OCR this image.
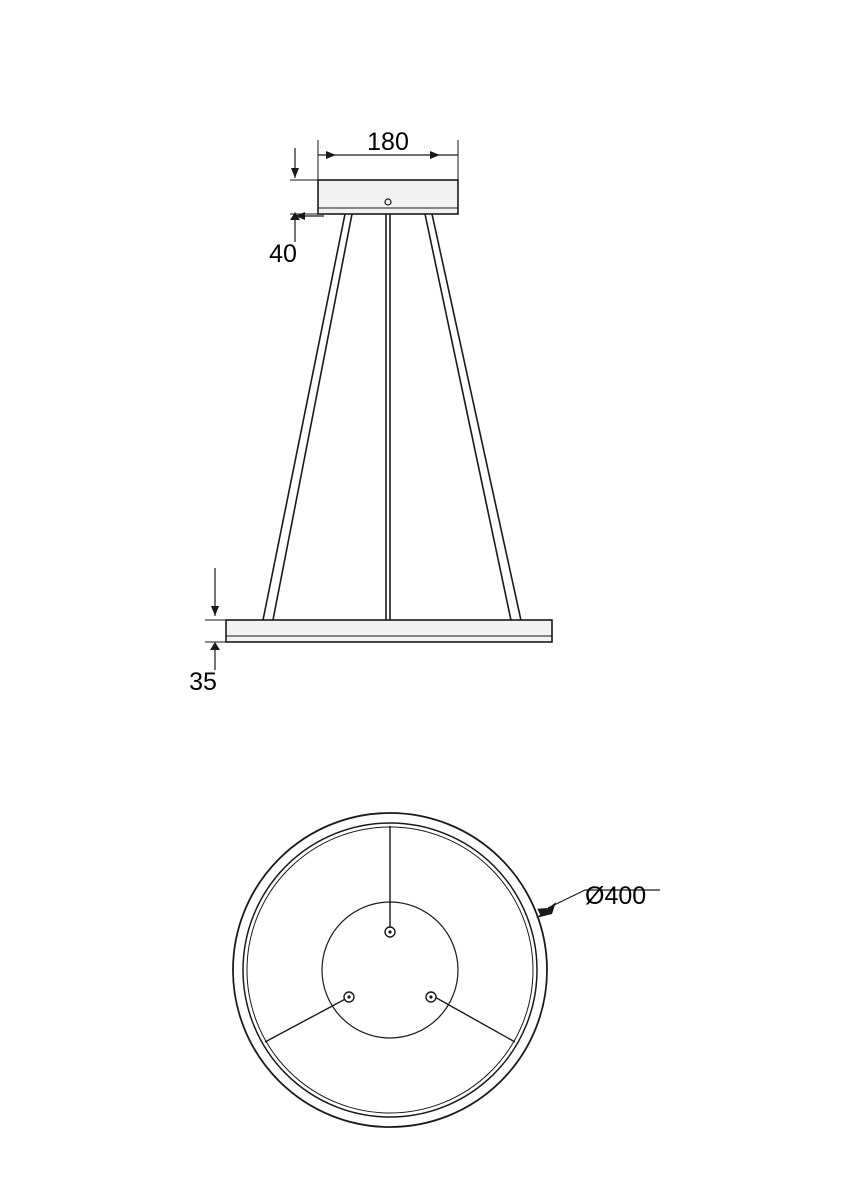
180
40
35
Ø400
